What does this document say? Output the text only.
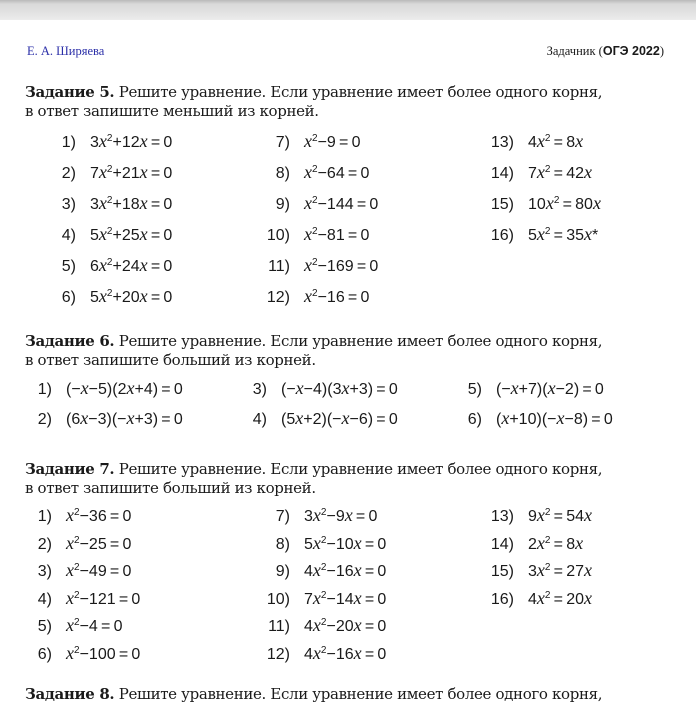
Е. А. Ширяева	Задачник (ОГЭ 2022)
Задание 5. Решите уравнение. Если уравнение имеет более одного корня,
в ответ запишите меньший из корней.
1) $3x^2+12x = 0$
2) $7x^2+21x = 0$
3) $3x^2+18x = 0$
4) $5x^2+25x = 0$
5) $6x^2+24x = 0$
6) $5x^2+20x = 0$
7) $x^2-9 = 0$
8) $x^2-64 = 0$
9) $x^2-144 = 0$
10) $x^2-81 = 0$
11) $x^2-169 = 0$
12) $x^2-16 = 0$
13) $4x^2 = 8x$
14) $7x^2 = 42x$
15) $10x^2 = 80x$
16) $5x^2 = 35x*$
Задание 6. Решите уравнение. Если уравнение имеет более одного корня,
в ответ запишите больший из корней.
1) (−x−5)(2x+4) = 0
2) (6x−3)(−x+3) = 0
3) (−x−4)(3x+3) = 0
4) (5x+2)(−x−6) = 0
5) (−x+7)(x−2) = 0
6) (x+10)(−x−8) = 0
Задание 7. Решите уравнение. Если уравнение имеет более одного корня,
в ответ запишите больший из корней.
1) $x^2-36 = 0$
2) $x^2-25 = 0$
3) $x^2-49 = 0$
4) $x^2-121 = 0$
5) $x^2-4 = 0$
6) $x^2-100 = 0$
7) $3x^2-9x = 0$
8) $5x^2-10x = 0$
9) $4x^2-16x = 0$
10) $7x^2-14x = 0$
11) $4x^2-20x = 0$
12) $4x^2-16x = 0$
13) $9x^2 = 54x$
14) $2x^2 = 8x$
15) $3x^2 = 27x$
16) $4x^2 = 20x$
Задание 8. Решите уравнение. Если уравнение имеет более одного корня,
